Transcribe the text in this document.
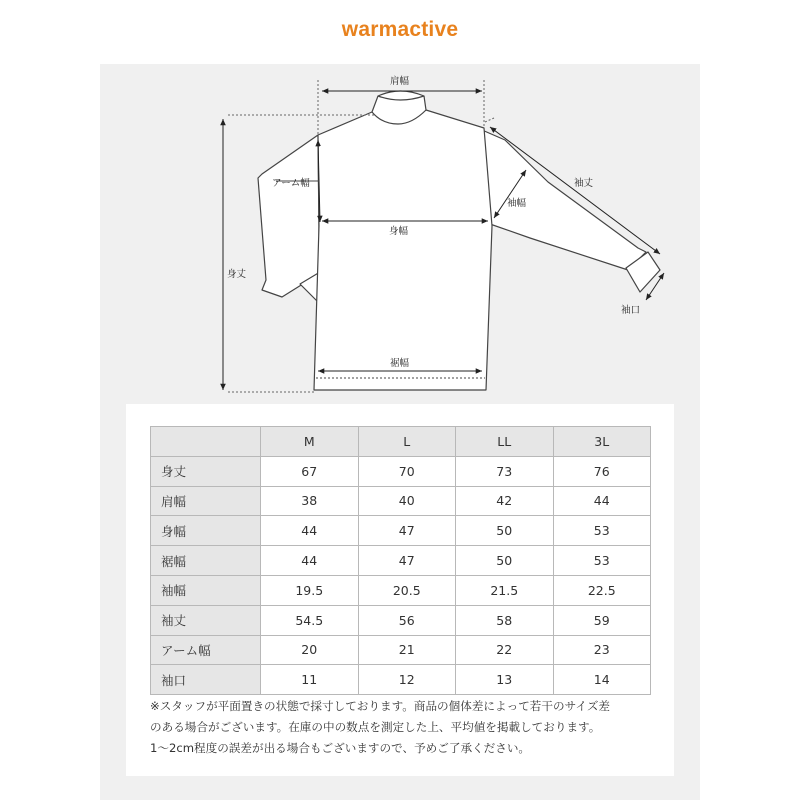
warmactive
肩幅
身丈
アーム幅
身幅
袖幅
袖丈
裾幅
袖口
	M	L	LL	3L
身丈	67	70	73	76
肩幅	38	40	42	44
身幅	44	47	50	53
裾幅	44	47	50	53
袖幅	19.5	20.5	21.5	22.5
袖丈	54.5	56	58	59
アーム幅	20	21	22	23
袖口	11	12	13	14
※スタッフが平面置きの状態で採寸しております。商品の個体差によって若干のサイズ差
のある場合がございます。在庫の中の数点を測定した上、平均値を掲載しております。
1〜2cm程度の誤差が出る場合もございますので、予めご了承ください。
